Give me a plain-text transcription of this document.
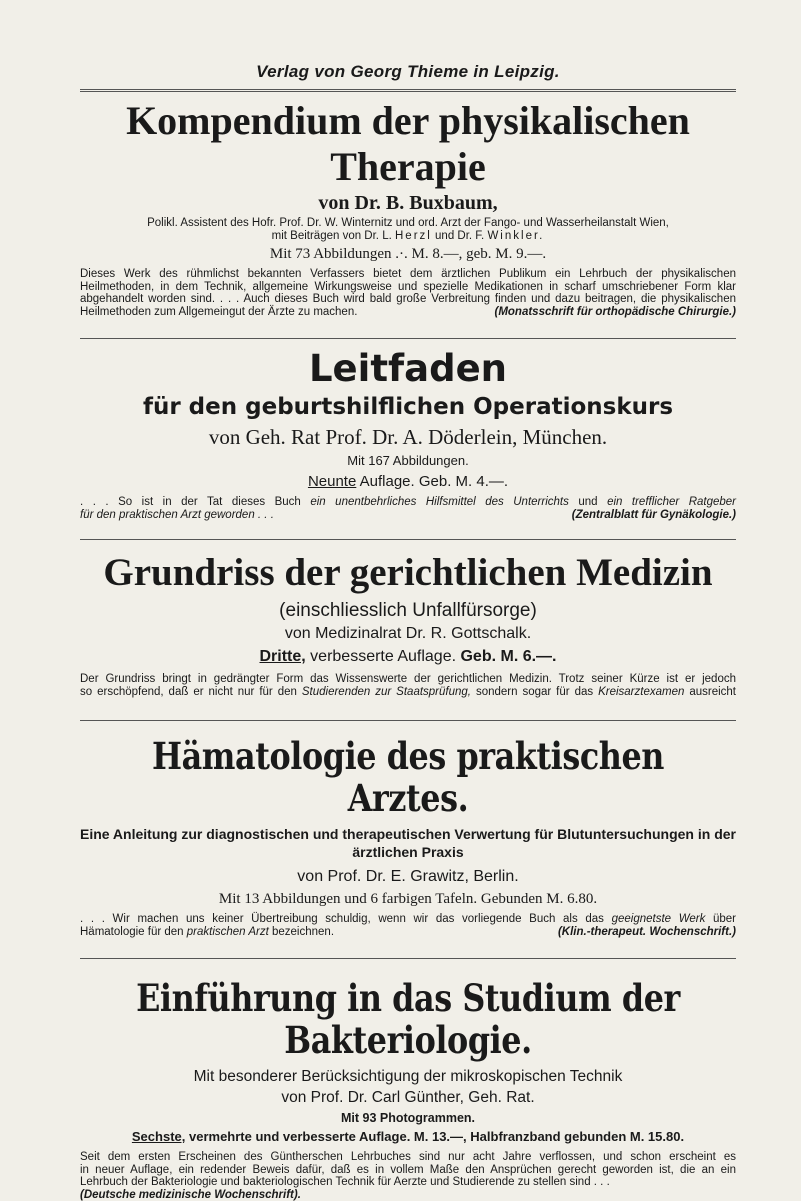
Verlag von Georg Thieme in Leipzig.
Kompendium der physikalischen Therapie
von Dr. B. Buxbaum,
Polikl. Assistent des Hofr. Prof. Dr. W. Winternitz und ord. Arzt der Fango- und Wasserheilanstalt Wien,
mit Beiträgen von Dr. L. Herzl und Dr. F. Winkler.
Mit 73 Abbildungen .·. M. 8.—, geb. M. 9.—.

Dieses Werk des rühmlichst bekannten Verfassers bietet dem ärztlichen Publikum ein Lehrbuch der physikalischen

Heilmethoden, in dem Technik, allgemeine Wirkungsweise und spezielle Medikationen in scharf umschriebener Form klar

abgehandelt worden sind. . . . Auch dieses Buch wird bald große Verbreitung finden und dazu beitragen, die physikalischen

Heilmethoden zum Allgemeingut der Ärzte zu machen.	(Monatsschrift für orthopädische Chirurgie.)

Leitfaden
für den geburtshilflichen Operationskurs
von Geh. Rat Prof. Dr. A. Döderlein, München.
Mit 167 Abbildungen.
Neunte Auflage. Geb. M. 4.—.

. . . So ist in der Tat dieses Buch ein unentbehrliches Hilfsmittel des Unterrichts und ein trefflicher Ratgeber

für den praktischen Arzt geworden . . .	(Zentralblatt für Gynäkologie.)

Grundriss der gerichtlichen Medizin
(einschliesslich Unfallfürsorge)
von Medizinalrat Dr. R. Gottschalk.
Dritte, verbesserte Auflage. Geb. M. 6.—.

Der Grundriss bringt in gedrängter Form das Wissenswerte der gerichtlichen Medizin. Trotz seiner Kürze ist er jedoch

so erschöpfend, daß er nicht nur für den Studierenden zur Staatsprüfung, sondern sogar für das Kreisarztexamen ausreicht

Hämatologie des praktischen Arztes.
Eine Anleitung zur diagnostischen und therapeutischen Verwertung für Blutuntersuchungen in der
ärztlichen Praxis
von Prof. Dr. E. Grawitz, Berlin.
Mit 13 Abbildungen und 6 farbigen Tafeln. Gebunden M. 6.80.

. . . Wir machen uns keiner Übertreibung schuldig, wenn wir das vorliegende Buch als das geeignetste Werk über

Hämatologie für den praktischen Arzt bezeichnen.	(Klin.-therapeut. Wochenschrift.)

Einführung in das Studium der Bakteriologie.
Mit besonderer Berücksichtigung der mikroskopischen Technik
von Prof. Dr. Carl Günther, Geh. Rat.
Mit 93 Photogrammen.
Sechste, vermehrte und verbesserte Auflage. M. 13.—, Halbfranzband gebunden M. 15.80.

Seit dem ersten Erscheinen des Güntherschen Lehrbuches sind nur acht Jahre verflossen, und schon erscheint es

in neuer Auflage, ein redender Beweis dafür, daß es in vollem Maße den Ansprüchen gerecht geworden ist, die an ein

Lehrbuch der Bakteriologie und bakteriologischen Technik für Aerzte und Studierende zu stellen sind . . .

(Deutsche medizinische Wochenschrift).
